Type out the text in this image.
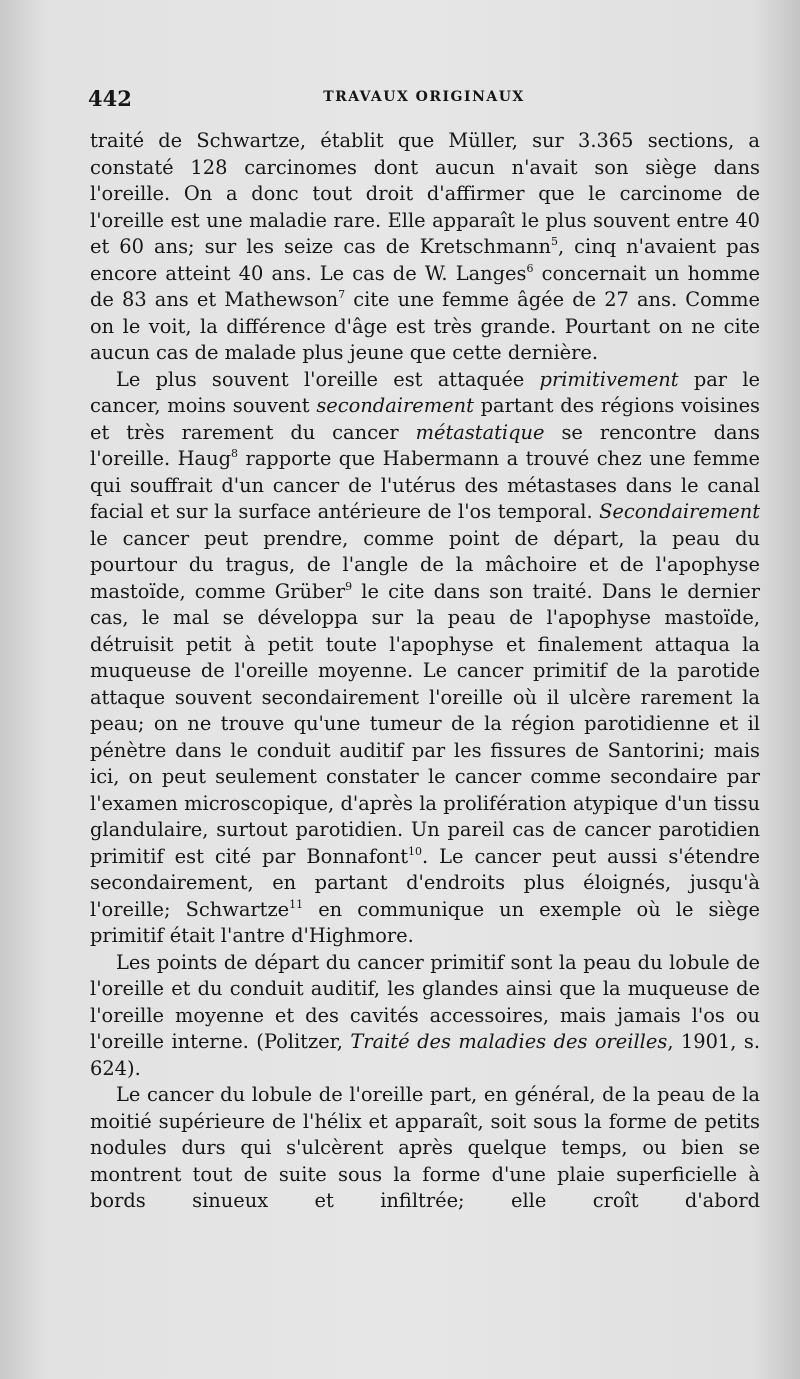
442	TRAVAUX ORIGINAUX

traité de Schwartze, établit que Müller, sur 3.365 sections, a constaté 128 carcinomes dont aucun n'avait son siège dans l'oreille. On a donc tout droit d'affirmer que le carcinome de l'oreille est une maladie rare. Elle apparaît le plus souvent entre 40 et 60 ans; sur les seize cas de Kretschmann$^5$, cinq n'avaient pas encore atteint 40 ans. Le cas de W. Langes$^6$ concernait un homme de 83 ans et Mathewson$^7$ cite une femme âgée de 27 ans. Comme on le voit, la différence d'âge est très grande. Pourtant on ne cite aucun cas de malade plus jeune que cette dernière.

Le plus souvent l'oreille est attaquée primitivement par le cancer, moins souvent secondairement partant des régions voisines et très rarement du cancer métastatique se rencontre dans l'oreille. Haug$^8$ rapporte que Habermann a trouvé chez une femme qui souffrait d'un cancer de l'utérus des métastases dans le canal facial et sur la surface antérieure de l'os temporal. Secondairement le cancer peut prendre, comme point de départ, la peau du pourtour du tragus, de l'angle de la mâchoire et de l'apophyse mastoïde, comme Grüber$^9$ le cite dans son traité. Dans le dernier cas, le mal se développa sur la peau de l'apophyse mastoïde, détruisit petit à petit toute l'apophyse et finalement attaqua la muqueuse de l'oreille moyenne. Le cancer primitif de la parotide attaque souvent secondairement l'oreille où il ulcère rarement la peau; on ne trouve qu'une tumeur de la région parotidienne et il pénètre dans le conduit auditif par les fissures de Santorini; mais ici, on peut seulement constater le cancer comme secondaire par l'examen microscopique, d'après la prolifération atypique d'un tissu glandulaire, surtout parotidien. Un pareil cas de cancer parotidien primitif est cité par Bonnafont$^{10}$. Le cancer peut aussi s'étendre secondairement, en partant d'endroits plus éloignés, jusqu'à l'oreille; Schwartze$^{11}$ en communique un exemple où le siège primitif était l'antre d'Highmore.

Les points de départ du cancer primitif sont la peau du lobule de l'oreille et du conduit auditif, les glandes ainsi que la muqueuse de l'oreille moyenne et des cavités accessoires, mais jamais l'os ou l'oreille interne. (Politzer, Traité des maladies des oreilles, 1901, s. 624).

Le cancer du lobule de l'oreille part, en général, de la peau de la moitié supérieure de l'hélix et apparaît, soit sous la forme de petits nodules durs qui s'ulcèrent après quelque temps, ou bien se montrent tout de suite sous la forme d'une plaie superficielle à bords sinueux et infiltrée; elle croît d'abord
